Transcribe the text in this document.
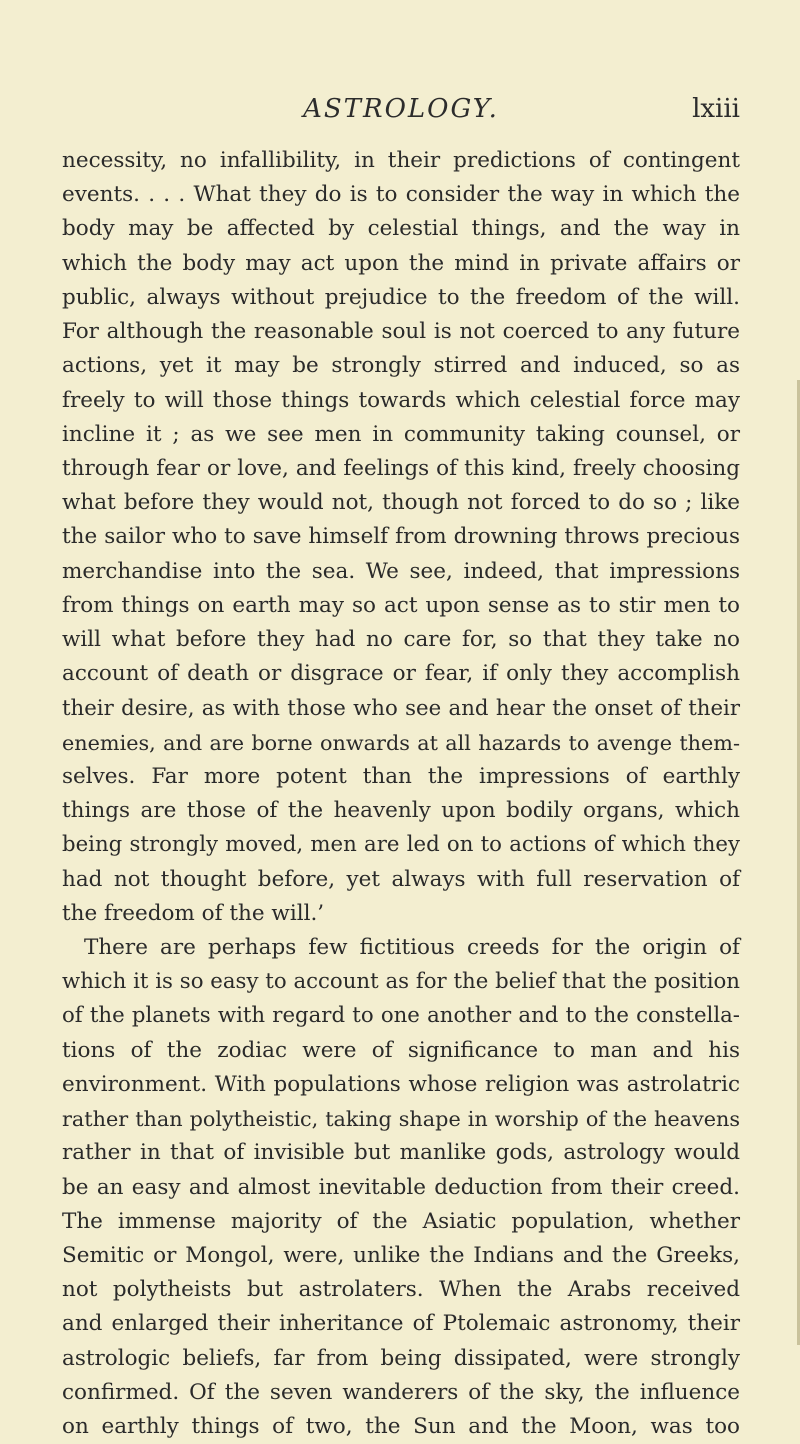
ASTROLOGY.	lxiii
necessity, no infallibility, in their predictions of contingent
events. . . . What they do is to consider the way in which the
body may be affected by celestial things, and the way in
which the body may act upon the mind in private affairs or
public, always without prejudice to the freedom of the will.
For although the reasonable soul is not coerced to any future
actions, yet it may be strongly stirred and induced, so as
freely to will those things towards which celestial force may
incline it ; as we see men in community taking counsel, or
through fear or love, and feelings of this kind, freely choosing
what before they would not, though not forced to do so ; like
the sailor who to save himself from drowning throws precious
merchandise into the sea. We see, indeed, that impressions
from things on earth may so act upon sense as to stir men to
will what before they had no care for, so that they take no
account of death or disgrace or fear, if only they accomplish
their desire, as with those who see and hear the onset of their
enemies, and are borne onwards at all hazards to avenge them-
selves. Far more potent than the impressions of earthly
things are those of the heavenly upon bodily organs, which
being strongly moved, men are led on to actions of which they
had not thought before, yet always with full reservation of
the freedom of the will.’
There are perhaps few fictitious creeds for the origin of
which it is so easy to account as for the belief that the position
of the planets with regard to one another and to the constella-
tions of the zodiac were of significance to man and his
environment. With populations whose religion was astrolatric
rather than polytheistic, taking shape in worship of the heavens
rather in that of invisible but manlike gods, astrology would
be an easy and almost inevitable deduction from their creed.
The immense majority of the Asiatic population, whether
Semitic or Mongol, were, unlike the Indians and the Greeks,
not polytheists but astrolaters. When the Arabs received
and enlarged their inheritance of Ptolemaic astronomy, their
astrologic beliefs, far from being dissipated, were strongly
confirmed. Of the seven wanderers of the sky, the influence
on earthly things of two, the Sun and the Moon, was too
